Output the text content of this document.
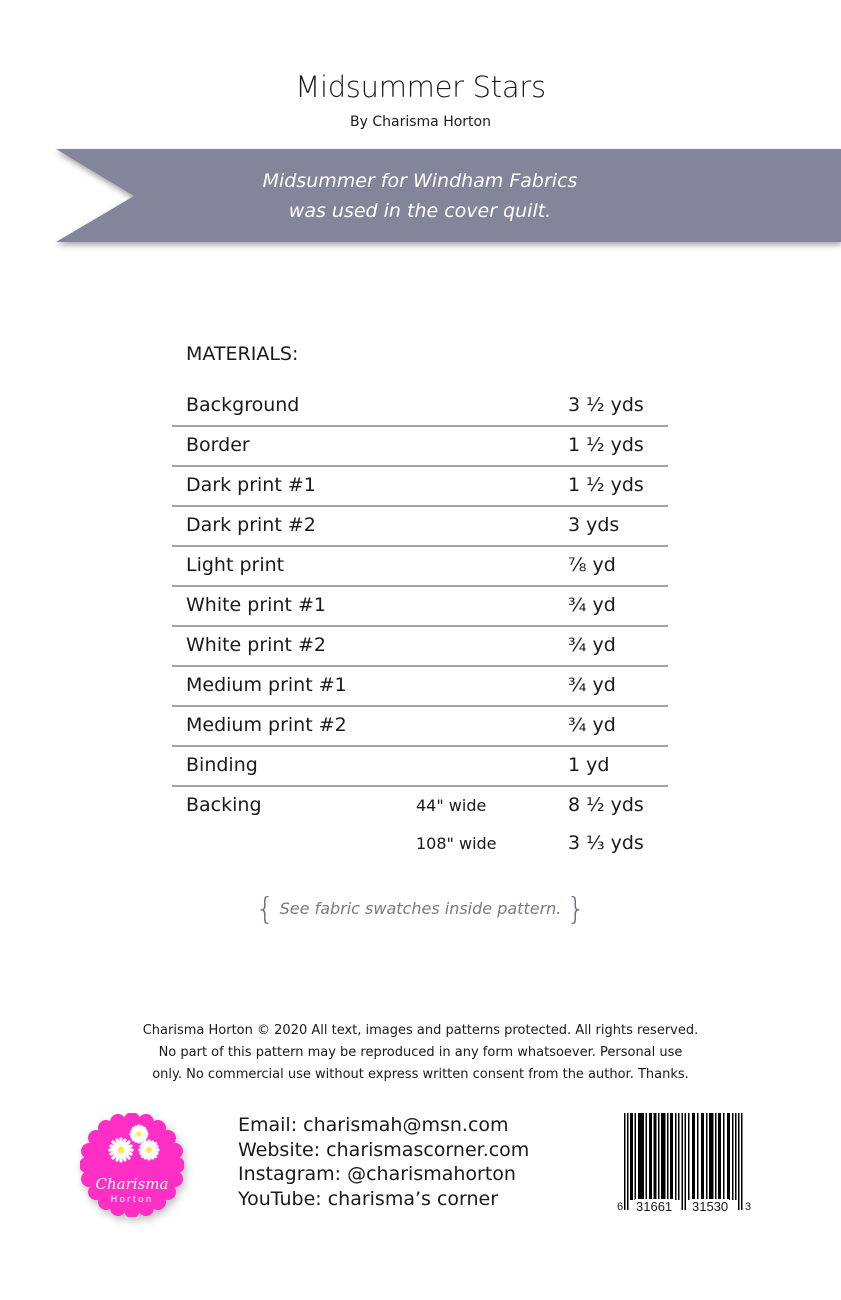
Midsummer Stars
By Charisma Horton
Midsummer for Windham Fabrics
was used in the cover quilt.
MATERIALS:
Background	3 ½ yds
Border	1 ½ yds
Dark print #1	1 ½ yds
Dark print #2	3 yds
Light print	⅞ yd
White print #1	¾ yd
White print #2	¾ yd
Medium print #1	¾ yd
Medium print #2	¾ yd
Binding	1 yd
Backing	44" wide	8 ½ yds
108" wide	3 ⅓ yds
{ See fabric swatches inside pattern. }
Charisma Horton © 2020 All text, images and patterns protected. All rights reserved.
No part of this pattern may be reproduced in any form whatsoever. Personal use
only. No commercial use without express written consent from the author. Thanks.
Charisma
Horton
Email: charismah@msn.com
Website: charismascorner.com
Instagram: @charismahorton
YouTube: charisma’s corner	6 31661 31530 3
